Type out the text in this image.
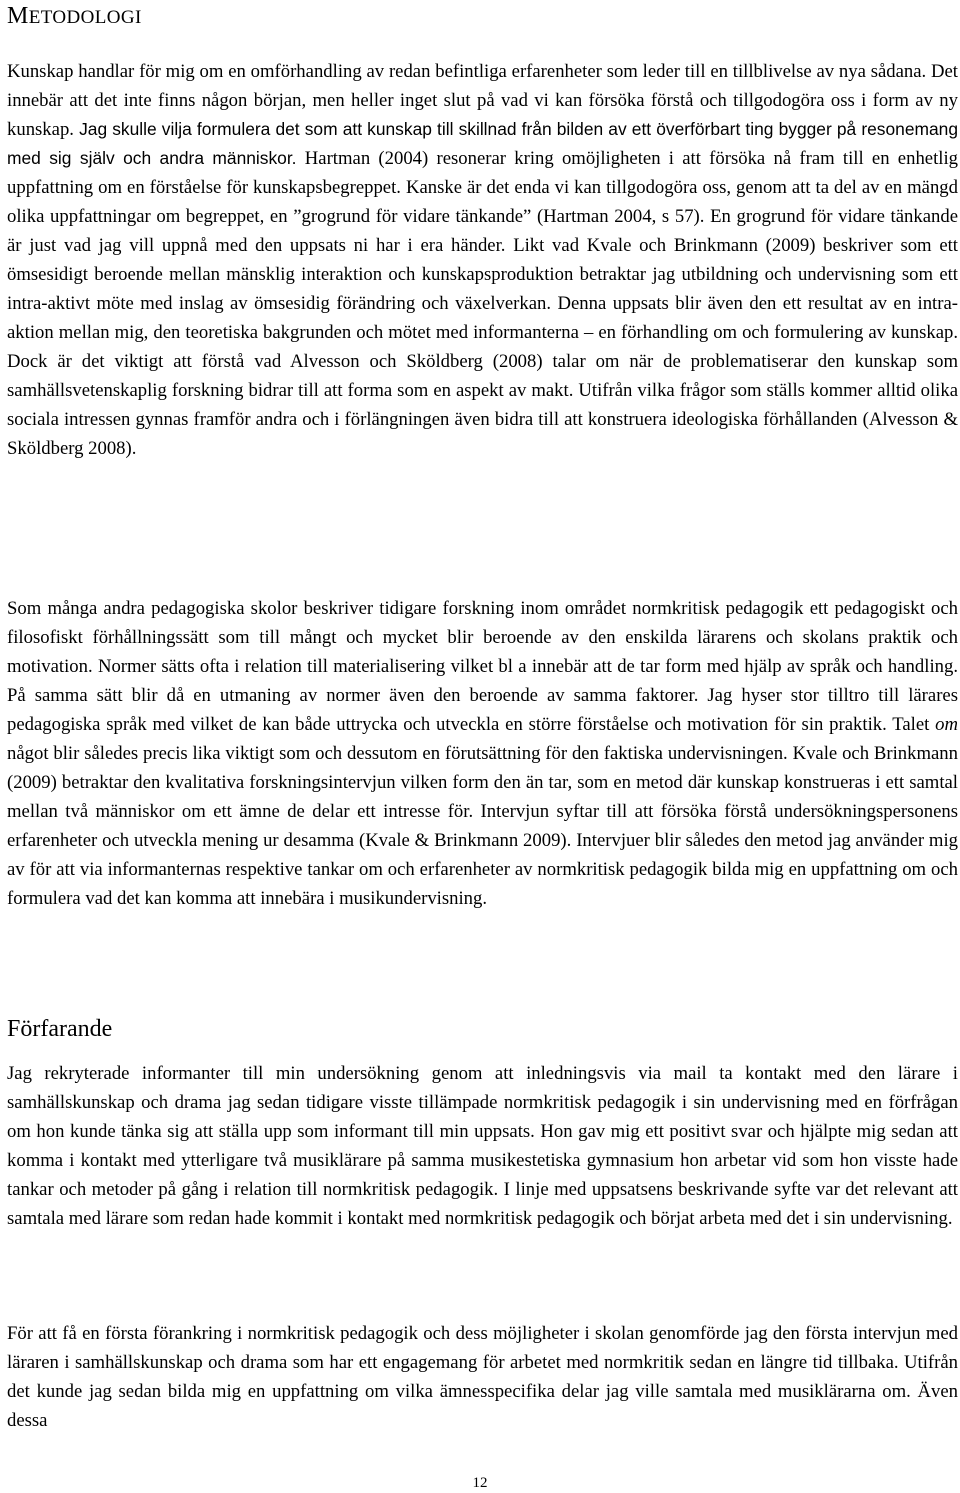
METODOLOGI

Kunskap handlar för mig om en omförhandling av redan befintliga erfarenheter som leder till en tillblivelse av nya sådana. Det innebär att det inte finns någon början, men heller inget slut på vad vi kan försöka förstå och tillgodogöra oss i form av ny kunskap. Jag skulle vilja formulera det som att kunskap till skillnad från bilden av ett överförbart ting bygger på resonemang med sig själv och andra människor. Hartman (2004) resonerar kring omöjligheten i att försöka nå fram till en enhetlig uppfattning om en förståelse för kunskapsbegreppet. Kanske är det enda vi kan tillgodogöra oss, genom att ta del av en mängd olika uppfattningar om begreppet, en ”grogrund för vidare tänkande” (Hartman 2004, s 57). En grogrund för vidare tänkande är just vad jag vill uppnå med den uppsats ni har i era händer. Likt vad Kvale och Brinkmann (2009) beskriver som ett ömsesidigt beroende mellan mänsklig interaktion och kunskapsproduktion betraktar jag utbildning och undervisning som ett intra-aktivt möte med inslag av ömsesidig förändring och växelverkan. Denna uppsats blir även den ett resultat av en intra-aktion mellan mig, den teoretiska bakgrunden och mötet med informanterna – en förhandling om och formulering av kunskap. Dock är det viktigt att förstå vad Alvesson och Sköldberg (2008) talar om när de problematiserar den kunskap som samhällsvetenskaplig forskning bidrar till att forma som en aspekt av makt. Utifrån vilka frågor som ställs kommer alltid olika sociala intressen gynnas framför andra och i förlängningen även bidra till att konstruera ideologiska förhållanden (Alvesson & Sköldberg 2008).

Som många andra pedagogiska skolor beskriver tidigare forskning inom området normkritisk pedagogik ett pedagogiskt och filosofiskt förhållningssätt som till mångt och mycket blir beroende av den enskilda lärarens och skolans praktik och motivation. Normer sätts ofta i relation till materialisering vilket bl a innebär att de tar form med hjälp av språk och handling. På samma sätt blir då en utmaning av normer även den beroende av samma faktorer. Jag hyser stor tilltro till lärares pedagogiska språk med vilket de kan både uttrycka och utveckla en större förståelse och motivation för sin praktik. Talet om något blir således precis lika viktigt som och dessutom en förutsättning för den faktiska undervisningen. Kvale och Brinkmann (2009) betraktar den kvalitativa forskningsintervjun vilken form den än tar, som en metod där kunskap konstrueras i ett samtal mellan två människor om ett ämne de delar ett intresse för. Intervjun syftar till att försöka förstå undersökningspersonens erfarenheter och utveckla mening ur desamma (Kvale & Brinkmann 2009). Intervjuer blir således den metod jag använder mig av för att via informanternas respektive tankar om och erfarenheter av normkritisk pedagogik bilda mig en uppfattning om och formulera vad det kan komma att innebära i musikundervisning.

Förfarande

Jag rekryterade informanter till min undersökning genom att inledningsvis via mail ta kontakt med den lärare i samhällskunskap och drama jag sedan tidigare visste tillämpade normkritisk pedagogik i sin undervisning med en förfrågan om hon kunde tänka sig att ställa upp som informant till min uppsats. Hon gav mig ett positivt svar och hjälpte mig sedan att komma i kontakt med ytterligare två musiklärare på samma musikestetiska gymnasium hon arbetar vid som hon visste hade tankar och metoder på gång i relation till normkritisk pedagogik. I linje med uppsatsens beskrivande syfte var det relevant att samtala med lärare som redan hade kommit i kontakt med normkritisk pedagogik och börjat arbeta med det i sin undervisning.

För att få en första förankring i normkritisk pedagogik och dess möjligheter i skolan genomförde jag den första intervjun med läraren i samhällskunskap och drama som har ett engagemang för arbetet med normkritik sedan en längre tid tillbaka. Utifrån det kunde jag sedan bilda mig en uppfattning om vilka ämnesspecifika delar jag ville samtala med musiklärarna om. Även dessa

12
